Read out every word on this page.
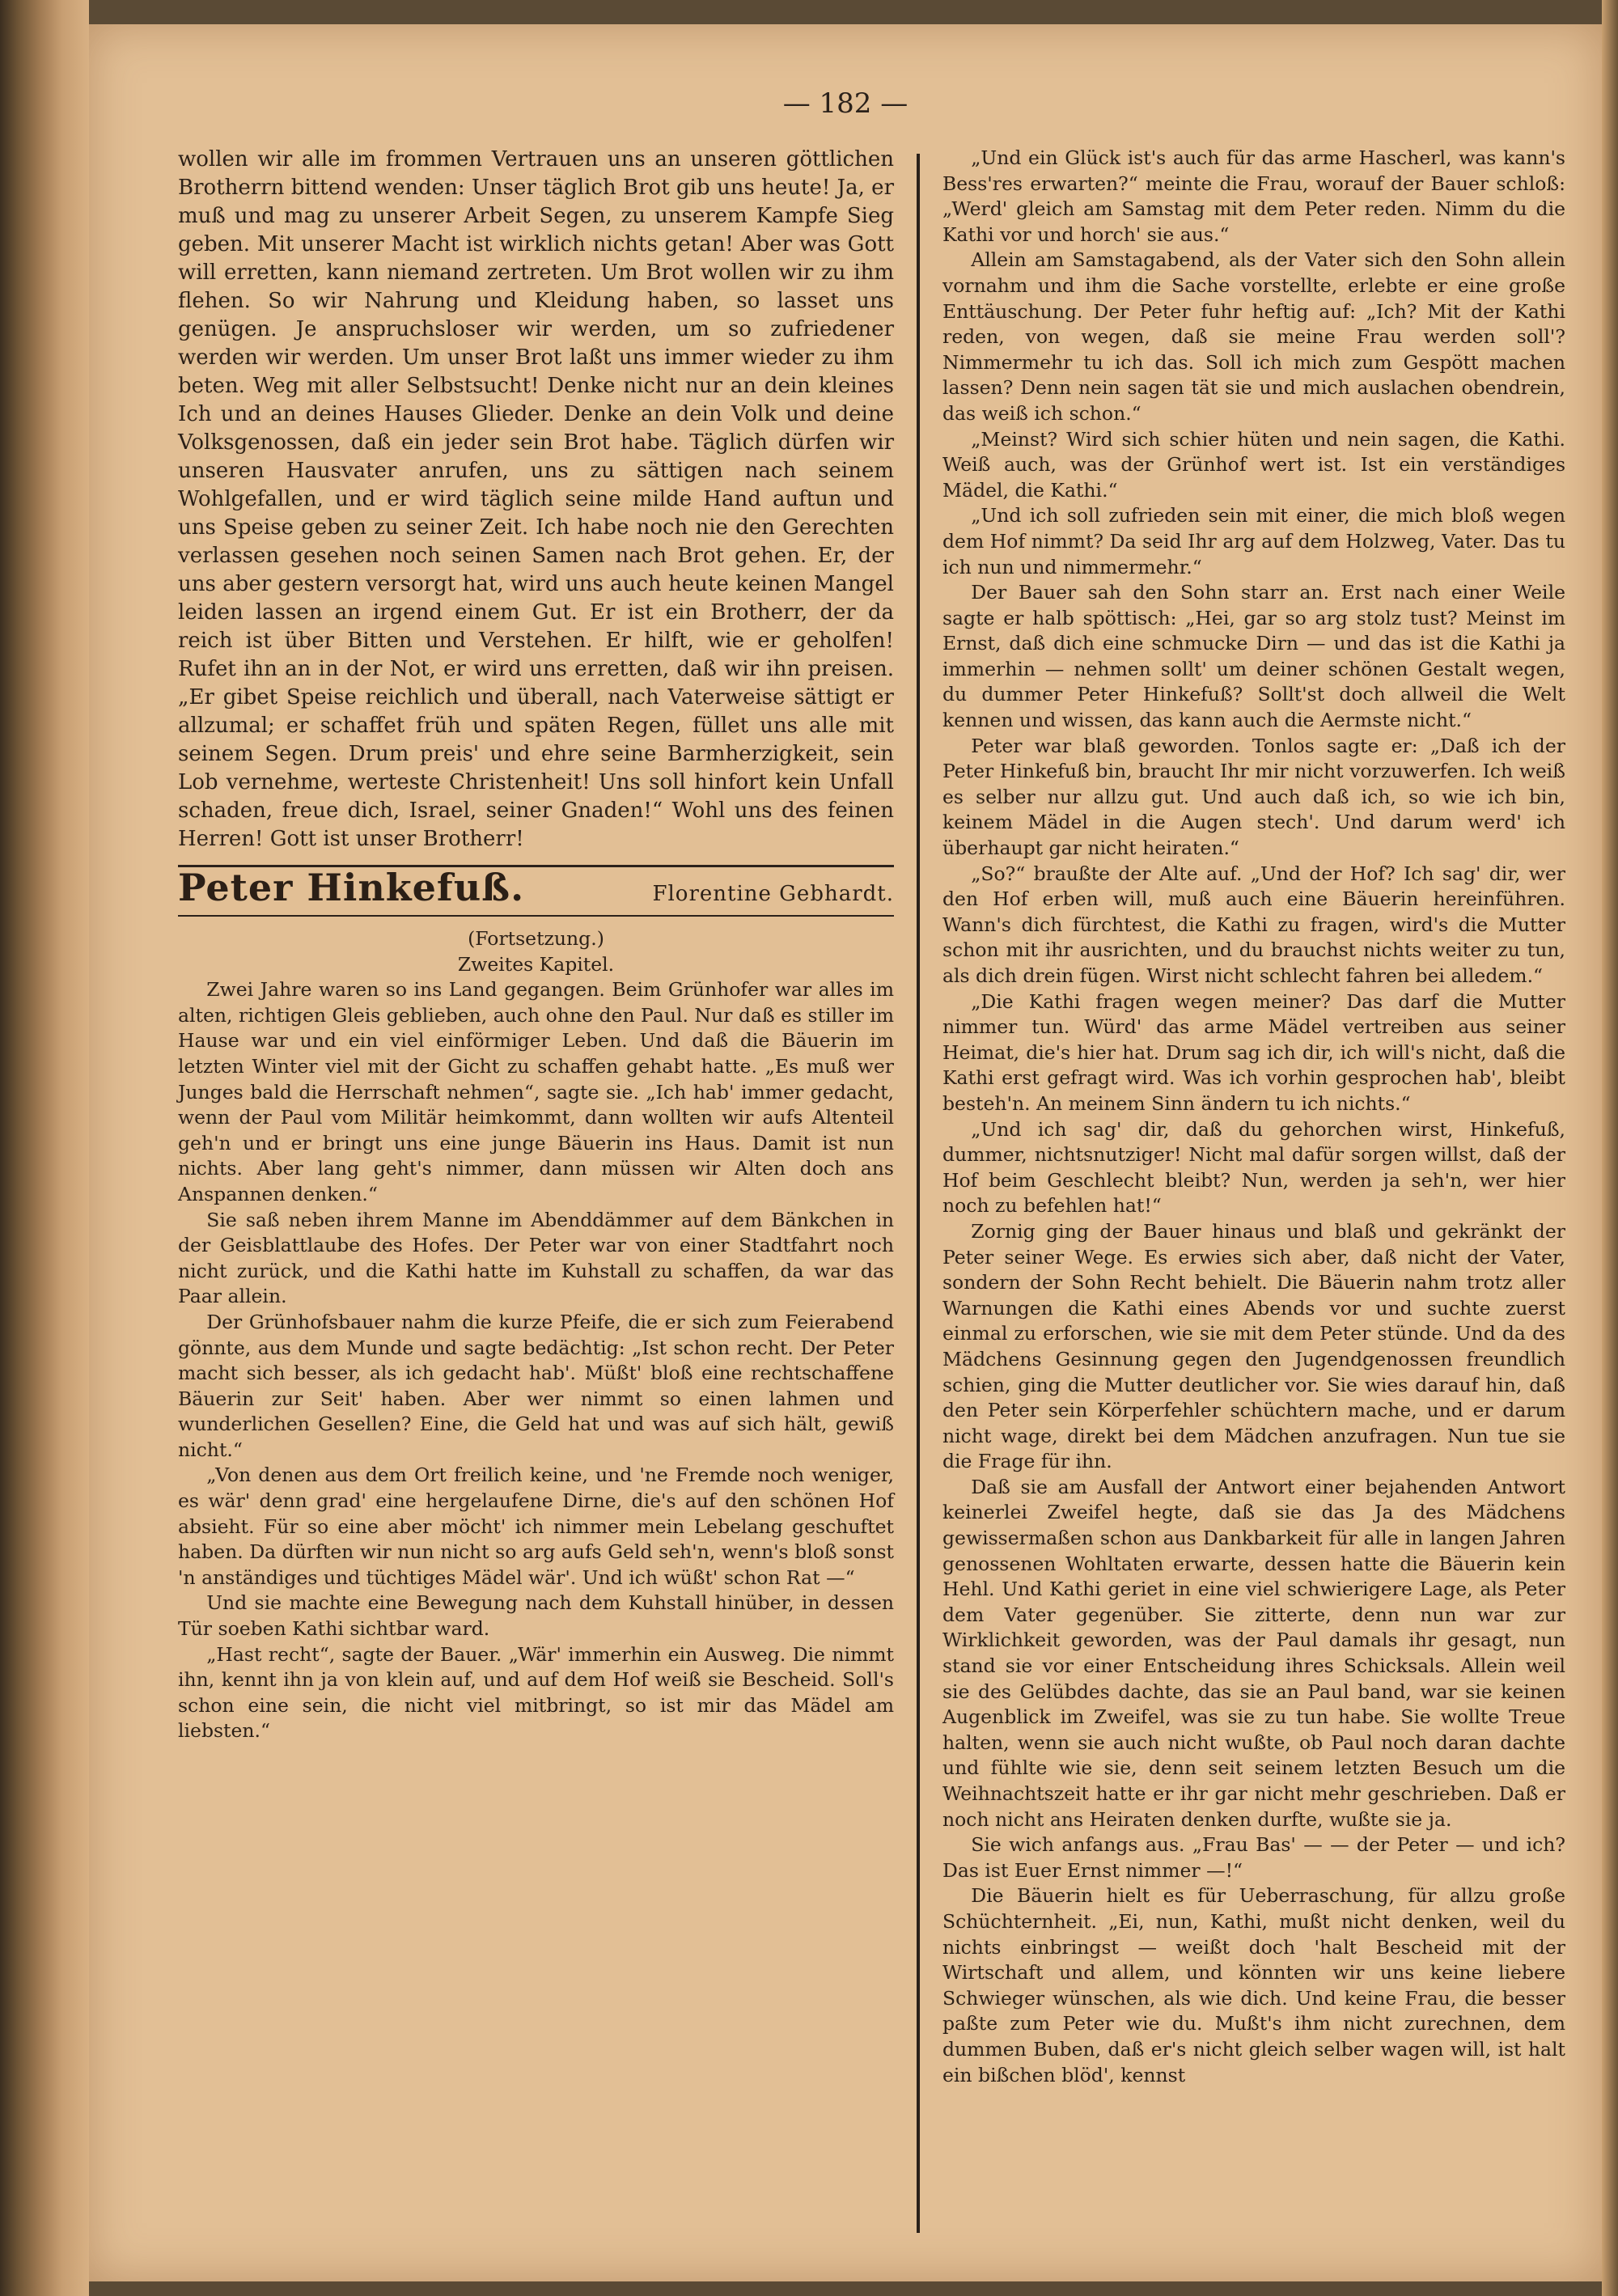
— 182 —

wollen wir alle im frommen Vertrauen uns an unseren göttlichen Brotherrn bittend wenden: Unser täglich Brot gib uns heute! Ja, er muß und mag zu unserer Arbeit Segen, zu unserem Kampfe Sieg geben. Mit unserer Macht ist wirklich nichts getan! Aber was Gott will erretten, kann niemand zertreten. Um Brot wollen wir zu ihm flehen. So wir Nahrung und Kleidung haben, so lasset uns genügen. Je anspruchsloser wir werden, um so zufriedener werden wir werden. Um unser Brot laßt uns immer wieder zu ihm beten. Weg mit aller Selbstsucht! Denke nicht nur an dein kleines Ich und an deines Hauses Glieder. Denke an dein Volk und deine Volksgenossen, daß ein jeder sein Brot habe. Täglich dürfen wir unseren Hausvater anrufen, uns zu sättigen nach seinem Wohlgefallen, und er wird täglich seine milde Hand auftun und uns Speise geben zu seiner Zeit. Ich habe noch nie den Gerechten verlassen gesehen noch seinen Samen nach Brot gehen. Er, der uns aber gestern versorgt hat, wird uns auch heute keinen Mangel leiden lassen an irgend einem Gut. Er ist ein Brotherr, der da reich ist über Bitten und Verstehen. Er hilft, wie er geholfen! Rufet ihn an in der Not, er wird uns erretten, daß wir ihn preisen. „Er gibet Speise reichlich und überall, nach Vaterweise sättigt er allzumal; er schaffet früh und späten Regen, füllet uns alle mit seinem Segen. Drum preis' und ehre seine Barmherzigkeit, sein Lob vernehme, werteste Christenheit! Uns soll hinfort kein Unfall schaden, freue dich, Israel, seiner Gnaden!“ Wohl uns des feinen Herren! Gott ist unser Brotherr!

Peter Hinkefuß.	Florentine Gebhardt.

(Fortsetzung.)

Zweites Kapitel.

Zwei Jahre waren so ins Land gegangen. Beim Grünhofer war alles im alten, richtigen Gleis geblieben, auch ohne den Paul. Nur daß es stiller im Hause war und ein viel einförmiger Leben. Und daß die Bäuerin im letzten Winter viel mit der Gicht zu schaffen gehabt hatte. „Es muß wer Junges bald die Herrschaft nehmen“, sagte sie. „Ich hab' immer gedacht, wenn der Paul vom Militär heimkommt, dann wollten wir aufs Altenteil geh'n und er bringt uns eine junge Bäuerin ins Haus. Damit ist nun nichts. Aber lang geht's nimmer, dann müssen wir Alten doch ans Anspannen denken.“

Sie saß neben ihrem Manne im Abenddämmer auf dem Bänkchen in der Geisblattlaube des Hofes. Der Peter war von einer Stadtfahrt noch nicht zurück, und die Kathi hatte im Kuhstall zu schaffen, da war das Paar allein.

Der Grünhofsbauer nahm die kurze Pfeife, die er sich zum Feierabend gönnte, aus dem Munde und sagte bedächtig: „Ist schon recht. Der Peter macht sich besser, als ich gedacht hab'. Müßt' bloß eine rechtschaffene Bäuerin zur Seit' haben. Aber wer nimmt so einen lahmen und wunderlichen Gesellen? Eine, die Geld hat und was auf sich hält, gewiß nicht.“

„Von denen aus dem Ort freilich keine, und 'ne Fremde noch weniger, es wär' denn grad' eine hergelaufene Dirne, die's auf den schönen Hof absieht. Für so eine aber möcht' ich nimmer mein Lebelang geschuftet haben. Da dürften wir nun nicht so arg aufs Geld seh'n, wenn's bloß sonst 'n anständiges und tüchtiges Mädel wär'. Und ich wüßt' schon Rat —“

Und sie machte eine Bewegung nach dem Kuhstall hinüber, in dessen Tür soeben Kathi sichtbar ward.

„Hast recht“, sagte der Bauer. „Wär' immerhin ein Ausweg. Die nimmt ihn, kennt ihn ja von klein auf, und auf dem Hof weiß sie Bescheid. Soll's schon eine sein, die nicht viel mitbringt, so ist mir das Mädel am liebsten.“

„Und ein Glück ist's auch für das arme Hascherl, was kann's Bess'res erwarten?“ meinte die Frau, worauf der Bauer schloß: „Werd' gleich am Samstag mit dem Peter reden. Nimm du die Kathi vor und horch' sie aus.“

Allein am Samstagabend, als der Vater sich den Sohn allein vornahm und ihm die Sache vorstellte, erlebte er eine große Enttäuschung. Der Peter fuhr heftig auf: „Ich? Mit der Kathi reden, von wegen, daß sie meine Frau werden soll'? Nimmermehr tu ich das. Soll ich mich zum Gespött machen lassen? Denn nein sagen tät sie und mich auslachen obendrein, das weiß ich schon.“

„Meinst? Wird sich schier hüten und nein sagen, die Kathi. Weiß auch, was der Grünhof wert ist. Ist ein verständiges Mädel, die Kathi.“

„Und ich soll zufrieden sein mit einer, die mich bloß wegen dem Hof nimmt? Da seid Ihr arg auf dem Holzweg, Vater. Das tu ich nun und nimmermehr.“

Der Bauer sah den Sohn starr an. Erst nach einer Weile sagte er halb spöttisch: „Hei, gar so arg stolz tust? Meinst im Ernst, daß dich eine schmucke Dirn — und das ist die Kathi ja immerhin — nehmen sollt' um deiner schönen Gestalt wegen, du dummer Peter Hinkefuß? Sollt'st doch allweil die Welt kennen und wissen, das kann auch die Aermste nicht.“

Peter war blaß geworden. Tonlos sagte er: „Daß ich der Peter Hinkefuß bin, braucht Ihr mir nicht vorzuwerfen. Ich weiß es selber nur allzu gut. Und auch daß ich, so wie ich bin, keinem Mädel in die Augen stech'. Und darum werd' ich überhaupt gar nicht heiraten.“

„So?“ braußte der Alte auf. „Und der Hof? Ich sag' dir, wer den Hof erben will, muß auch eine Bäuerin hereinführen. Wann's dich fürchtest, die Kathi zu fragen, wird's die Mutter schon mit ihr ausrichten, und du brauchst nichts weiter zu tun, als dich drein fügen. Wirst nicht schlecht fahren bei alledem.“

„Die Kathi fragen wegen meiner? Das darf die Mutter nimmer tun. Würd' das arme Mädel vertreiben aus seiner Heimat, die's hier hat. Drum sag ich dir, ich will's nicht, daß die Kathi erst gefragt wird. Was ich vorhin gesprochen hab', bleibt besteh'n. An meinem Sinn ändern tu ich nichts.“

„Und ich sag' dir, daß du gehorchen wirst, Hinkefuß, dummer, nichtsnutziger! Nicht mal dafür sorgen willst, daß der Hof beim Geschlecht bleibt? Nun, werden ja seh'n, wer hier noch zu befehlen hat!“

Zornig ging der Bauer hinaus und blaß und gekränkt der Peter seiner Wege. Es erwies sich aber, daß nicht der Vater, sondern der Sohn Recht behielt. Die Bäuerin nahm trotz aller Warnungen die Kathi eines Abends vor und suchte zuerst einmal zu erforschen, wie sie mit dem Peter stünde. Und da des Mädchens Gesinnung gegen den Jugendgenossen freundlich schien, ging die Mutter deutlicher vor. Sie wies darauf hin, daß den Peter sein Körperfehler schüchtern mache, und er darum nicht wage, direkt bei dem Mädchen anzufragen. Nun tue sie die Frage für ihn.

Daß sie am Ausfall der Antwort einer bejahenden Antwort keinerlei Zweifel hegte, daß sie das Ja des Mädchens gewissermaßen schon aus Dankbarkeit für alle in langen Jahren genossenen Wohltaten erwarte, dessen hatte die Bäuerin kein Hehl. Und Kathi geriet in eine viel schwierigere Lage, als Peter dem Vater gegenüber. Sie zitterte, denn nun war zur Wirklichkeit geworden, was der Paul damals ihr gesagt, nun stand sie vor einer Entscheidung ihres Schicksals. Allein weil sie des Gelübdes dachte, das sie an Paul band, war sie keinen Augenblick im Zweifel, was sie zu tun habe. Sie wollte Treue halten, wenn sie auch nicht wußte, ob Paul noch daran dachte und fühlte wie sie, denn seit seinem letzten Besuch um die Weihnachtszeit hatte er ihr gar nicht mehr geschrieben. Daß er noch nicht ans Heiraten denken durfte, wußte sie ja.

Sie wich anfangs aus. „Frau Bas' — — der Peter — und ich? Das ist Euer Ernst nimmer —!“

Die Bäuerin hielt es für Ueberraschung, für allzu große Schüchternheit. „Ei, nun, Kathi, mußt nicht denken, weil du nichts einbringst — weißt doch 'halt Bescheid mit der Wirtschaft und allem, und könnten wir uns keine liebere Schwieger wünschen, als wie dich. Und keine Frau, die besser paßte zum Peter wie du. Mußt's ihm nicht zurechnen, dem dummen Buben, daß er's nicht gleich selber wagen will, ist halt ein bißchen blöd', kennst
